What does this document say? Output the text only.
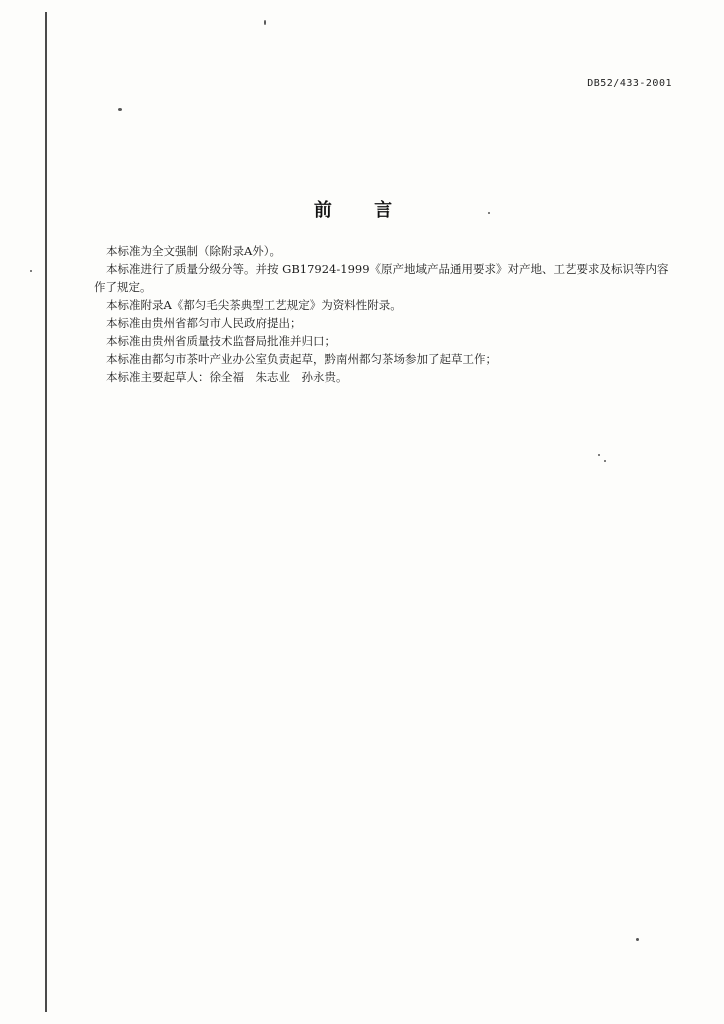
DB52/433-2001
前 言

本标准为全文强制（除附录A外）。

本标准进行了质量分级分等。并按 GB17924-1999《原产地域产品通用要求》对产地、工艺要求及标识等内容作了规定。

本标准附录A《都匀毛尖茶典型工艺规定》为资料性附录。

本标准由贵州省都匀市人民政府提出；

本标准由贵州省质量技术监督局批准并归口；

本标准由都匀市茶叶产业办公室负责起草，黔南州都匀茶场参加了起草工作；

本标准主要起草人：徐全福　朱志业　孙永贵。
